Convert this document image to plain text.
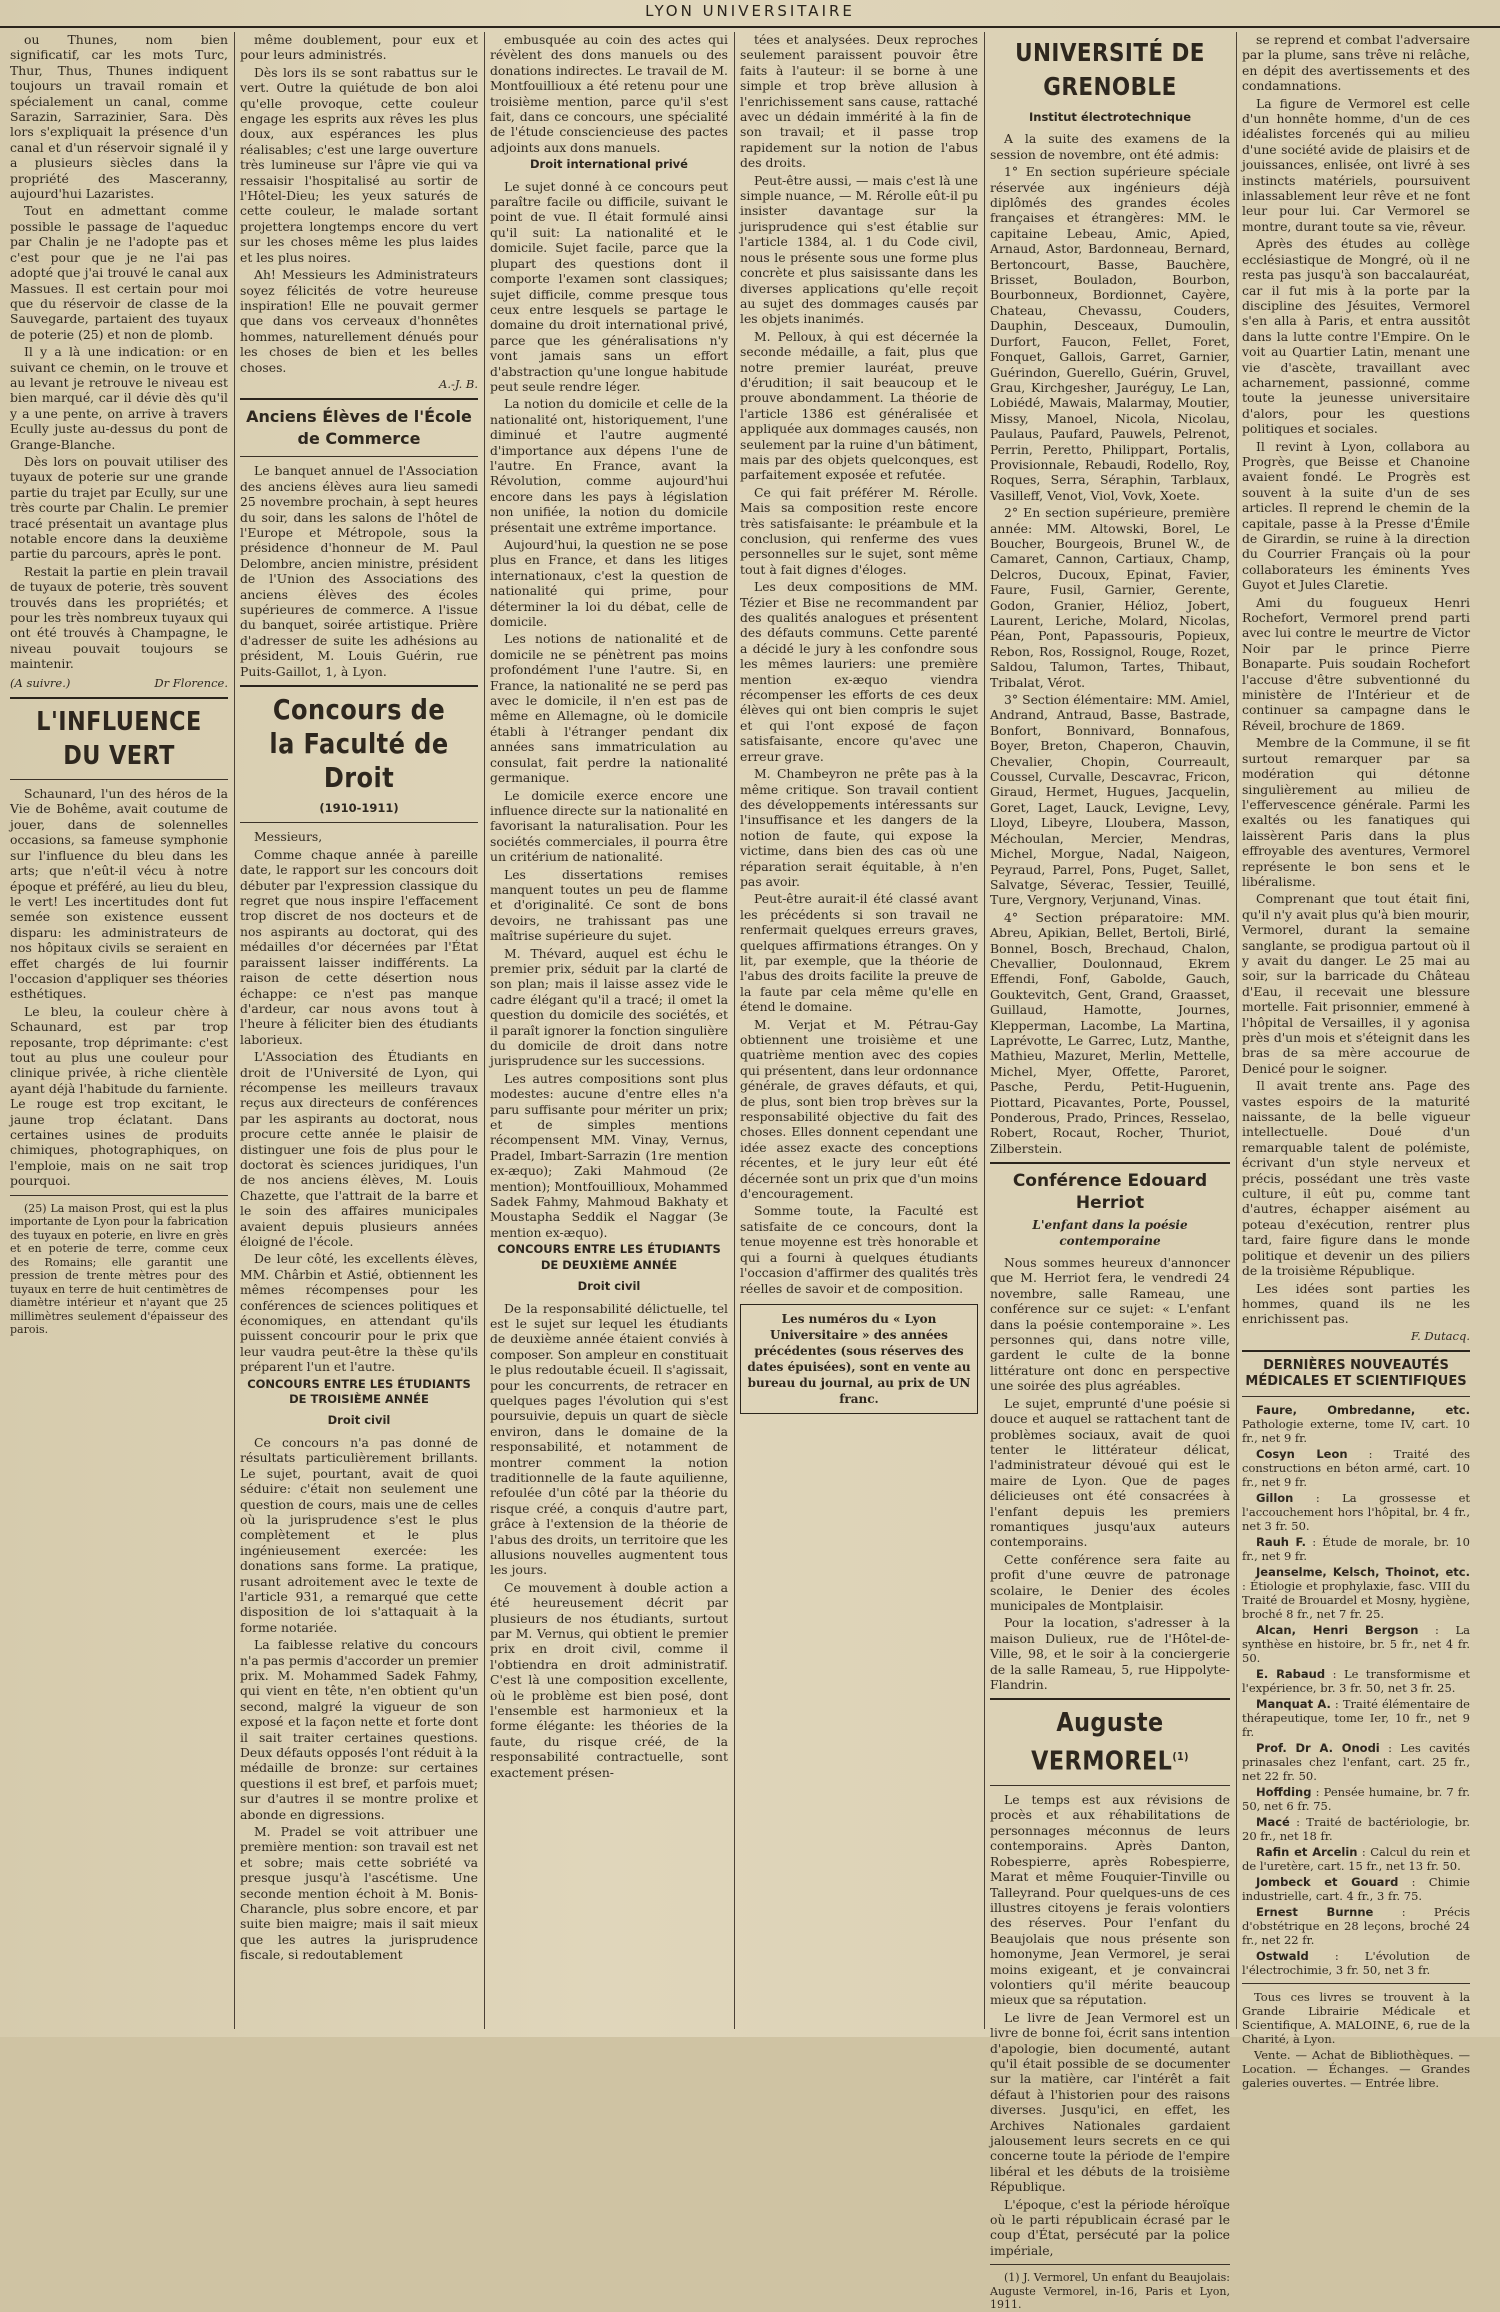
LYON UNIVERSITAIRE

ou Thunes, nom bien significatif, car les mots Turc, Thur, Thus, Thunes indiquent toujours un travail romain et spécialement un canal, comme Sarazin, Sarrazinier, Sara. Dès lors s'expliquait la présence d'un canal et d'un réservoir signalé il y a plusieurs siècles dans la propriété des Masceranny, aujourd'hui Lazaristes.

Tout en admettant comme possible le passage de l'aqueduc par Chalin je ne l'adopte pas et c'est pour que je ne l'ai pas adopté que j'ai trouvé le canal aux Massues. Il est certain pour moi que du réservoir de classe de la Sauvegarde, partaient des tuyaux de poterie (25) et non de plomb.

Il y a là une indication: or en suivant ce chemin, on le trouve et au levant je retrouve le niveau est bien marqué, car il dévie dès qu'il y a une pente, on arrive à travers Ecully juste au-dessus du pont de Grange-Blanche.

Dès lors on pouvait utiliser des tuyaux de poterie sur une grande partie du trajet par Ecully, sur une très courte par Chalin. Le premier tracé présentait un avantage plus notable encore dans la deuxième partie du parcours, après le pont.

Restait la partie en plein travail de tuyaux de poterie, très souvent trouvés dans les propriétés; et pour les très nombreux tuyaux qui ont été trouvés à Champagne, le niveau pouvait toujours se maintenir.

(A suivre.)	Dr Florence.
L'INFLUENCE DU VERT

Schaunard, l'un des héros de la Vie de Bohême, avait coutume de jouer, dans de solennelles occasions, sa fameuse symphonie sur l'influence du bleu dans les arts; que n'eût-il vécu à notre époque et préféré, au lieu du bleu, le vert! Les incertitudes dont fut semée son existence eussent disparu: les administrateurs de nos hôpitaux civils se seraient en effet chargés de lui fournir l'occasion d'appliquer ses théories esthétiques.

Le bleu, la couleur chère à Schaunard, est par trop reposante, trop déprimante: c'est tout au plus une couleur pour clinique privée, à riche clientèle ayant déjà l'habitude du farniente. Le rouge est trop excitant, le jaune trop éclatant. Dans certaines usines de produits chimiques, photographiques, on l'emploie, mais on ne sait trop pourquoi.

(25) La maison Prost, qui est la plus importante de Lyon pour la fabrication des tuyaux en poterie, en livre en grès et en poterie de terre, comme ceux des Romains; elle garantit une pression de trente mètres pour des tuyaux en terre de huit centimètres de diamètre intérieur et n'ayant que 25 millimètres seulement d'épaisseur des parois.

même doublement, pour eux et pour leurs administrés.

Dès lors ils se sont rabattus sur le vert. Outre la quiétude de bon aloi qu'elle provoque, cette couleur engage les esprits aux rêves les plus doux, aux espérances les plus réalisables; c'est une large ouverture très lumineuse sur l'âpre vie qui va ressaisir l'hospitalisé au sortir de l'Hôtel-Dieu; les yeux saturés de cette couleur, le malade sortant projettera longtemps encore du vert sur les choses même les plus laides et les plus noires.

Ah! Messieurs les Administrateurs soyez félicités de votre heureuse inspiration! Elle ne pouvait germer que dans vos cerveaux d'honnêtes hommes, naturellement dénués pour les choses de bien et les belles choses.

A.-J. B.
Anciens Élèves de l'École de Commerce

Le banquet annuel de l'Association des anciens élèves aura lieu samedi 25 novembre prochain, à sept heures du soir, dans les salons de l'hôtel de l'Europe et Métropole, sous la présidence d'honneur de M. Paul Delombre, ancien ministre, président de l'Union des Associations des anciens élèves des écoles supérieures de commerce. A l'issue du banquet, soirée artistique. Prière d'adresser de suite les adhésions au président, M. Louis Guérin, rue Puits-Gaillot, 1, à Lyon.

Concours de la Faculté de Droit
(1910-1911)

Messieurs,

Comme chaque année à pareille date, le rapport sur les concours doit débuter par l'expression classique du regret que nous inspire l'effacement trop discret de nos docteurs et de nos aspirants au doctorat, qui des médailles d'or décernées par l'État paraissent laisser indifférents. La raison de cette désertion nous échappe: ce n'est pas manque d'ardeur, car nous avons tout à l'heure à féliciter bien des étudiants laborieux.

L'Association des Étudiants en droit de l'Université de Lyon, qui récompense les meilleurs travaux reçus aux directeurs de conférences par les aspirants au doctorat, nous procure cette année le plaisir de distinguer une fois de plus pour le doctorat ès sciences juridiques, l'un de nos anciens élèves, M. Louis Chazette, que l'attrait de la barre et le soin des affaires municipales avaient depuis plusieurs années éloigné de l'école.

De leur côté, les excellents élèves, MM. Chârbin et Astié, obtiennent les mêmes récompenses pour les conférences de sciences politiques et économiques, en attendant qu'ils puissent concourir pour le prix que leur vaudra peut-être la thèse qu'ils préparent l'un et l'autre.

CONCOURS ENTRE LES ÉTUDIANTS DE TROISIÈME ANNÉE
Droit civil

Ce concours n'a pas donné de résultats particulièrement brillants. Le sujet, pourtant, avait de quoi séduire: c'était non seulement une question de cours, mais une de celles où la jurisprudence s'est le plus complètement et le plus ingénieusement exercée: les donations sans forme. La pratique, rusant adroitement avec le texte de l'article 931, a remarqué que cette disposition de loi s'attaquait à la forme notariée.

La faiblesse relative du concours n'a pas permis d'accorder un premier prix. M. Mohammed Sadek Fahmy, qui vient en tête, n'en obtient qu'un second, malgré la vigueur de son exposé et la façon nette et forte dont il sait traiter certaines questions. Deux défauts opposés l'ont réduit à la médaille de bronze: sur certaines questions il est bref, et parfois muet; sur d'autres il se montre prolixe et abonde en digressions.

M. Pradel se voit attribuer une première mention: son travail est net et sobre; mais cette sobriété va presque jusqu'à l'ascétisme. Une seconde mention échoit à M. Bonis-Charancle, plus sobre encore, et par suite bien maigre; mais il sait mieux que les autres la jurisprudence fiscale, si redoutablement

embusquée au coin des actes qui révèlent des dons manuels ou des donations indirectes. Le travail de M. Montfouillioux a été retenu pour une troisième mention, parce qu'il s'est fait, dans ce concours, une spécialité de l'étude consciencieuse des pactes adjoints aux dons manuels.

Droit international privé

Le sujet donné à ce concours peut paraître facile ou difficile, suivant le point de vue. Il était formulé ainsi qu'il suit: La nationalité et le domicile. Sujet facile, parce que la plupart des questions dont il comporte l'examen sont classiques; sujet difficile, comme presque tous ceux entre lesquels se partage le domaine du droit international privé, parce que les généralisations n'y vont jamais sans un effort d'abstraction qu'une longue habitude peut seule rendre léger.

La notion du domicile et celle de la nationalité ont, historiquement, l'une diminué et l'autre augmenté d'importance aux dépens l'une de l'autre. En France, avant la Révolution, comme aujourd'hui encore dans les pays à législation non unifiée, la notion du domicile présentait une extrême importance.

Aujourd'hui, la question ne se pose plus en France, et dans les litiges internationaux, c'est la question de nationalité qui prime, pour déterminer la loi du débat, celle de domicile.

Les notions de nationalité et de domicile ne se pénètrent pas moins profondément l'une l'autre. Si, en France, la nationalité ne se perd pas avec le domicile, il n'en est pas de même en Allemagne, où le domicile établi à l'étranger pendant dix années sans immatriculation au consulat, fait perdre la nationalité germanique.

Le domicile exerce encore une influence directe sur la nationalité en favorisant la naturalisation. Pour les sociétés commerciales, il pourra être un critérium de nationalité.

Les dissertations remises manquent toutes un peu de flamme et d'originalité. Ce sont de bons devoirs, ne trahissant pas une maîtrise supérieure du sujet.

M. Thévard, auquel est échu le premier prix, séduit par la clarté de son plan; mais il laisse assez vide le cadre élégant qu'il a tracé; il omet la question du domicile des sociétés, et il paraît ignorer la fonction singulière du domicile de droit dans notre jurisprudence sur les successions.

Les autres compositions sont plus modestes: aucune d'entre elles n'a paru suffisante pour mériter un prix; et de simples mentions récompensent MM. Vinay, Vernus, Pradel, Imbart-Sarrazin (1re mention ex-æquo); Zaki Mahmoud (2e mention); Montfouillioux, Mohammed Sadek Fahmy, Mahmoud Bakhaty et Moustapha Seddik el Naggar (3e mention ex-æquo).

CONCOURS ENTRE LES ÉTUDIANTS DE DEUXIÈME ANNÉE
Droit civil

De la responsabilité délictuelle, tel est le sujet sur lequel les étudiants de deuxième année étaient conviés à composer. Son ampleur en constituait le plus redoutable écueil. Il s'agissait, pour les concurrents, de retracer en quelques pages l'évolution qui s'est poursuivie, depuis un quart de siècle environ, dans le domaine de la responsabilité, et notamment de montrer comment la notion traditionnelle de la faute aquilienne, refoulée d'un côté par la théorie du risque créé, a conquis d'autre part, grâce à l'extension de la théorie de l'abus des droits, un territoire que les allusions nouvelles augmentent tous les jours.

Ce mouvement à double action a été heureusement décrit par plusieurs de nos étudiants, surtout par M. Vernus, qui obtient le premier prix en droit civil, comme il l'obtiendra en droit administratif. C'est là une composition excellente, où le problème est bien posé, dont l'ensemble est harmonieux et la forme élégante: les théories de la faute, du risque créé, de la responsabilité contractuelle, sont exactement présen-

tées et analysées. Deux reproches seulement paraissent pouvoir être faits à l'auteur: il se borne à une simple et trop brève allusion à l'enrichissement sans cause, rattaché avec un dédain immérité à la fin de son travail; et il passe trop rapidement sur la notion de l'abus des droits.

Peut-être aussi, — mais c'est là une simple nuance, — M. Rérolle eût-il pu insister davantage sur la jurisprudence qui s'est établie sur l'article 1384, al. 1 du Code civil, nous le présente sous une forme plus concrète et plus saisissante dans les diverses applications qu'elle reçoit au sujet des dommages causés par les objets inanimés.

M. Pelloux, à qui est décernée la seconde médaille, a fait, plus que notre premier lauréat, preuve d'érudition; il sait beaucoup et le prouve abondamment. La théorie de l'article 1386 est généralisée et appliquée aux dommages causés, non seulement par la ruine d'un bâtiment, mais par des objets quelconques, est parfaitement exposée et refutée.

Ce qui fait préférer M. Rérolle. Mais sa composition reste encore très satisfaisante: le préambule et la conclusion, qui renferme des vues personnelles sur le sujet, sont même tout à fait dignes d'éloges.

Les deux compositions de MM. Tézier et Bise ne recommandent par des qualités analogues et présentent des défauts communs. Cette parenté a décidé le jury à les confondre sous les mêmes lauriers: une première mention ex-æquo viendra récompenser les efforts de ces deux élèves qui ont bien compris le sujet et qui l'ont exposé de façon satisfaisante, encore qu'avec une erreur grave.

M. Chambeyron ne prête pas à la même critique. Son travail contient des développements intéressants sur l'insuffisance et les dangers de la notion de faute, qui expose la victime, dans bien des cas où une réparation serait équitable, à n'en pas avoir.

Peut-être aurait-il été classé avant les précédents si son travail ne renfermait quelques erreurs graves, quelques affirmations étranges. On y lit, par exemple, que la théorie de l'abus des droits facilite la preuve de la faute par cela même qu'elle en étend le domaine.

M. Verjat et M. Pétrau-Gay obtiennent une troisième et une quatrième mention avec des copies qui présentent, dans leur ordonnance générale, de graves défauts, et qui, de plus, sont bien trop brèves sur la responsabilité objective du fait des choses. Elles donnent cependant une idée assez exacte des conceptions récentes, et le jury leur eût été décernée sont un prix que d'un moins d'encouragement.

Somme toute, la Faculté est satisfaite de ce concours, dont la tenue moyenne est très honorable et qui a fourni à quelques étudiants l'occasion d'affirmer des qualités très réelles de savoir et de composition.

Les numéros du « Lyon Universitaire » des années précédentes (sous réserves des dates épuisées), sont en vente au bureau du journal, au prix de UN franc.
UNIVERSITÉ DE GRENOBLE
Institut électrotechnique

A la suite des examens de la session de novembre, ont été admis:

1° En section supérieure spéciale réservée aux ingénieurs déjà diplômés des grandes écoles françaises et étrangères: MM. le capitaine Lebeau, Amic, Apied, Arnaud, Astor, Bardonneau, Bernard, Bertoncourt, Basse, Bauchère, Brisset, Bouladon, Bourbon, Bourbonneux, Bordionnet, Cayère, Chateau, Chevassu, Couders, Dauphin, Desceaux, Dumoulin, Durfort, Faucon, Fellet, Foret, Fonquet, Gallois, Garret, Garnier, Guérindon, Guerello, Guérin, Gruvel, Grau, Kirchgesher, Jauréguy, Le Lan, Lobiédé, Mawais, Malarmay, Moutier, Missy, Manoel, Nicola, Nicolau, Paulaus, Paufard, Pauwels, Pelrenot, Perrin, Peretto, Philippart, Portalis, Provisionnale, Rebaudi, Rodello, Roy, Roques, Serra, Séraphin, Tarblaux, Vasilleff, Venot, Viol, Vovk, Xoete.

2° En section supérieure, première année: MM. Altowski, Borel, Le Boucher, Bourgeois, Brunel W., de Camaret, Cannon, Cartiaux, Champ, Delcros, Ducoux, Epinat, Favier, Faure, Fusil, Garnier, Gerente, Godon, Granier, Hélioz, Jobert, Laurent, Leriche, Molard, Nicolas, Péan, Pont, Papassouris, Popieux, Rebon, Ros, Rossignol, Rouge, Rozet, Saldou, Talumon, Tartes, Thibaut, Tribalat, Vérot.

3° Section élémentaire: MM. Amiel, Andrand, Antraud, Basse, Bastrade, Bonfort, Bonnivard, Bonnafous, Boyer, Breton, Chaperon, Chauvin, Chevalier, Chopin, Courreault, Coussel, Curvalle, Descavrac, Fricon, Giraud, Hermet, Hugues, Jacquelin, Goret, Laget, Lauck, Levigne, Levy, Lloyd, Libeyre, Lloubera, Masson, Méchoulan, Mercier, Mendras, Michel, Morgue, Nadal, Naigeon, Peyraud, Parrel, Pons, Puget, Sallet, Salvatge, Séverac, Tessier, Teuillé, Ture, Vergnory, Verjunand, Vinas.

4° Section préparatoire: MM. Abreu, Apikian, Bellet, Bertoli, Birlé, Bonnel, Bosch, Brechaud, Chalon, Chevallier, Doulonnaud, Ekrem Effendi, Fonf, Gabolde, Gauch, Gouktevitch, Gent, Grand, Graasset, Guillaud, Hamotte, Journes, Klepperman, Lacombe, La Martina, Laprévotte, Le Garrec, Lutz, Manthe, Mathieu, Mazuret, Merlin, Mettelle, Michel, Myer, Offette, Paroret, Pasche, Perdu, Petit-Huguenin, Piottard, Picavantes, Porte, Poussel, Ponderous, Prado, Princes, Resselao, Robert, Rocaut, Rocher, Thuriot, Zilberstein.

Conférence Edouard Herriot
L'enfant dans la poésie contemporaine

Nous sommes heureux d'annoncer que M. Herriot fera, le vendredi 24 novembre, salle Rameau, une conférence sur ce sujet: « L'enfant dans la poésie contemporaine ». Les personnes qui, dans notre ville, gardent le culte de la bonne littérature ont donc en perspective une soirée des plus agréables.

Le sujet, emprunté d'une poésie si douce et auquel se rattachent tant de problèmes sociaux, avait de quoi tenter le littérateur délicat, l'administrateur dévoué qui est le maire de Lyon. Que de pages délicieuses ont été consacrées à l'enfant depuis les premiers romantiques jusqu'aux auteurs contemporains.

Cette conférence sera faite au profit d'une œuvre de patronage scolaire, le Denier des écoles municipales de Montplaisir.

Pour la location, s'adresser à la maison Dulieux, rue de l'Hôtel-de-Ville, 98, et le soir à la conciergerie de la salle Rameau, 5, rue Hippolyte-Flandrin.

Auguste VERMOREL$^{(1)}$

Le temps est aux révisions de procès et aux réhabilitations de personnages méconnus de leurs contemporains. Après Danton, Robespierre, après Robespierre, Marat et même Fouquier-Tinville ou Talleyrand. Pour quelques-uns de ces illustres citoyens je ferais volontiers des réserves. Pour l'enfant du Beaujolais que nous présente son homonyme, Jean Vermorel, je serai moins exigeant, et je convaincrai volontiers qu'il mérite beaucoup mieux que sa réputation.

Le livre de Jean Vermorel est un livre de bonne foi, écrit sans intention d'apologie, bien documenté, autant qu'il était possible de se documenter sur la matière, car l'intérêt a fait défaut à l'historien pour des raisons diverses. Jusqu'ici, en effet, les Archives Nationales gardaient jalousement leurs secrets en ce qui concerne toute la période de l'empire libéral et les débuts de la troisième République.

L'époque, c'est la période héroïque où le parti républicain écrasé par le coup d'État, persécuté par la police impériale,

(1) J. Vermorel, Un enfant du Beaujolais: Auguste Vermorel, in-16, Paris et Lyon, 1911.

se reprend et combat l'adversaire par la plume, sans trêve ni relâche, en dépit des avertissements et des condamnations.

La figure de Vermorel est celle d'un honnête homme, d'un de ces idéalistes forcenés qui au milieu d'une société avide de plaisirs et de jouissances, enlisée, ont livré à ses instincts matériels, poursuivent inlassablement leur rêve et ne font leur pour lui. Car Vermorel se montre, durant toute sa vie, rêveur.

Après des études au collège ecclésiastique de Mongré, où il ne resta pas jusqu'à son baccalauréat, car il fut mis à la porte par la discipline des Jésuites, Vermorel s'en alla à Paris, et entra aussitôt dans la lutte contre l'Empire. On le voit au Quartier Latin, menant une vie d'ascète, travaillant avec acharnement, passionné, comme toute la jeunesse universitaire d'alors, pour les questions politiques et sociales.

Il revint à Lyon, collabora au Progrès, que Beisse et Chanoine avaient fondé. Le Progrès est souvent à la suite d'un de ses articles. Il reprend le chemin de la capitale, passe à la Presse d'Émile de Girardin, se ruine à la direction du Courrier Français où la pour collaborateurs les éminents Yves Guyot et Jules Claretie.

Ami du fougueux Henri Rochefort, Vermorel prend parti avec lui contre le meurtre de Victor Noir par le prince Pierre Bonaparte. Puis soudain Rochefort l'accuse d'être subventionné du ministère de l'Intérieur et de continuer sa campagne dans le Réveil, brochure de 1869.

Membre de la Commune, il se fit surtout remarquer par sa modération qui détonne singulièrement au milieu de l'effervescence générale. Parmi les exaltés ou les fanatiques qui laissèrent Paris dans la plus effroyable des aventures, Vermorel représente le bon sens et le libéralisme.

Comprenant que tout était fini, qu'il n'y avait plus qu'à bien mourir, Vermorel, durant la semaine sanglante, se prodigua partout où il y avait du danger. Le 25 mai au soir, sur la barricade du Château d'Eau, il recevait une blessure mortelle. Fait prisonnier, emmené à l'hôpital de Versailles, il y agonisa près d'un mois et s'éteignit dans les bras de sa mère accourue de Denicé pour le soigner.

Il avait trente ans. Page des vastes espoirs de la maturité naissante, de la belle vigueur intellectuelle. Doué d'un remarquable talent de polémiste, écrivant d'un style nerveux et précis, possédant une très vaste culture, il eût pu, comme tant d'autres, échapper aisément au poteau d'exécution, rentrer plus tard, faire figure dans le monde politique et devenir un des piliers de la troisième République.

Les idées sont parties les hommes, quand ils ne les enrichissent pas.

F. Dutacq.
DERNIÈRES NOUVEAUTÉS MÉDICALES ET SCIENTIFIQUES

Faure, Ombredanne, etc. Pathologie externe, tome IV, cart. 10 fr., net 9 fr.

Cosyn Leon : Traité des constructions en béton armé, cart. 10 fr., net 9 fr.

Gillon : La grossesse et l'accouchement hors l'hôpital, br. 4 fr., net 3 fr. 50.

Rauh F. : Étude de morale, br. 10 fr., net 9 fr.

Jeanselme, Kelsch, Thoinot, etc. : Étiologie et prophylaxie, fasc. VIII du Traité de Brouardel et Mosny, hygiène, broché 8 fr., net 7 fr. 25.

Alcan, Henri Bergson : La synthèse en histoire, br. 5 fr., net 4 fr. 50.

E. Rabaud : Le transformisme et l'expérience, br. 3 fr. 50, net 3 fr. 25.

Manquat A. : Traité élémentaire de thérapeutique, tome Ier, 10 fr., net 9 fr.

Prof. Dr A. Onodi : Les cavités prinasales chez l'enfant, cart. 25 fr., net 22 fr. 50.

Hoffding : Pensée humaine, br. 7 fr. 50, net 6 fr. 75.

Macé : Traité de bactériologie, br. 20 fr., net 18 fr.

Rafin et Arcelin : Calcul du rein et de l'uretère, cart. 15 fr., net 13 fr. 50.

Jombeck et Gouard : Chimie industrielle, cart. 4 fr., 3 fr. 75.

Ernest Burnne : Précis d'obstétrique en 28 leçons, broché 24 fr., net 22 fr.

Ostwald : L'évolution de l'électrochimie, 3 fr. 50, net 3 fr.

Tous ces livres se trouvent à la Grande Librairie Médicale et Scientifique, A. MALOINE, 6, rue de la Charité, à Lyon.

Vente. — Achat de Bibliothèques. — Location. — Échanges. — Grandes galeries ouvertes. — Entrée libre.
